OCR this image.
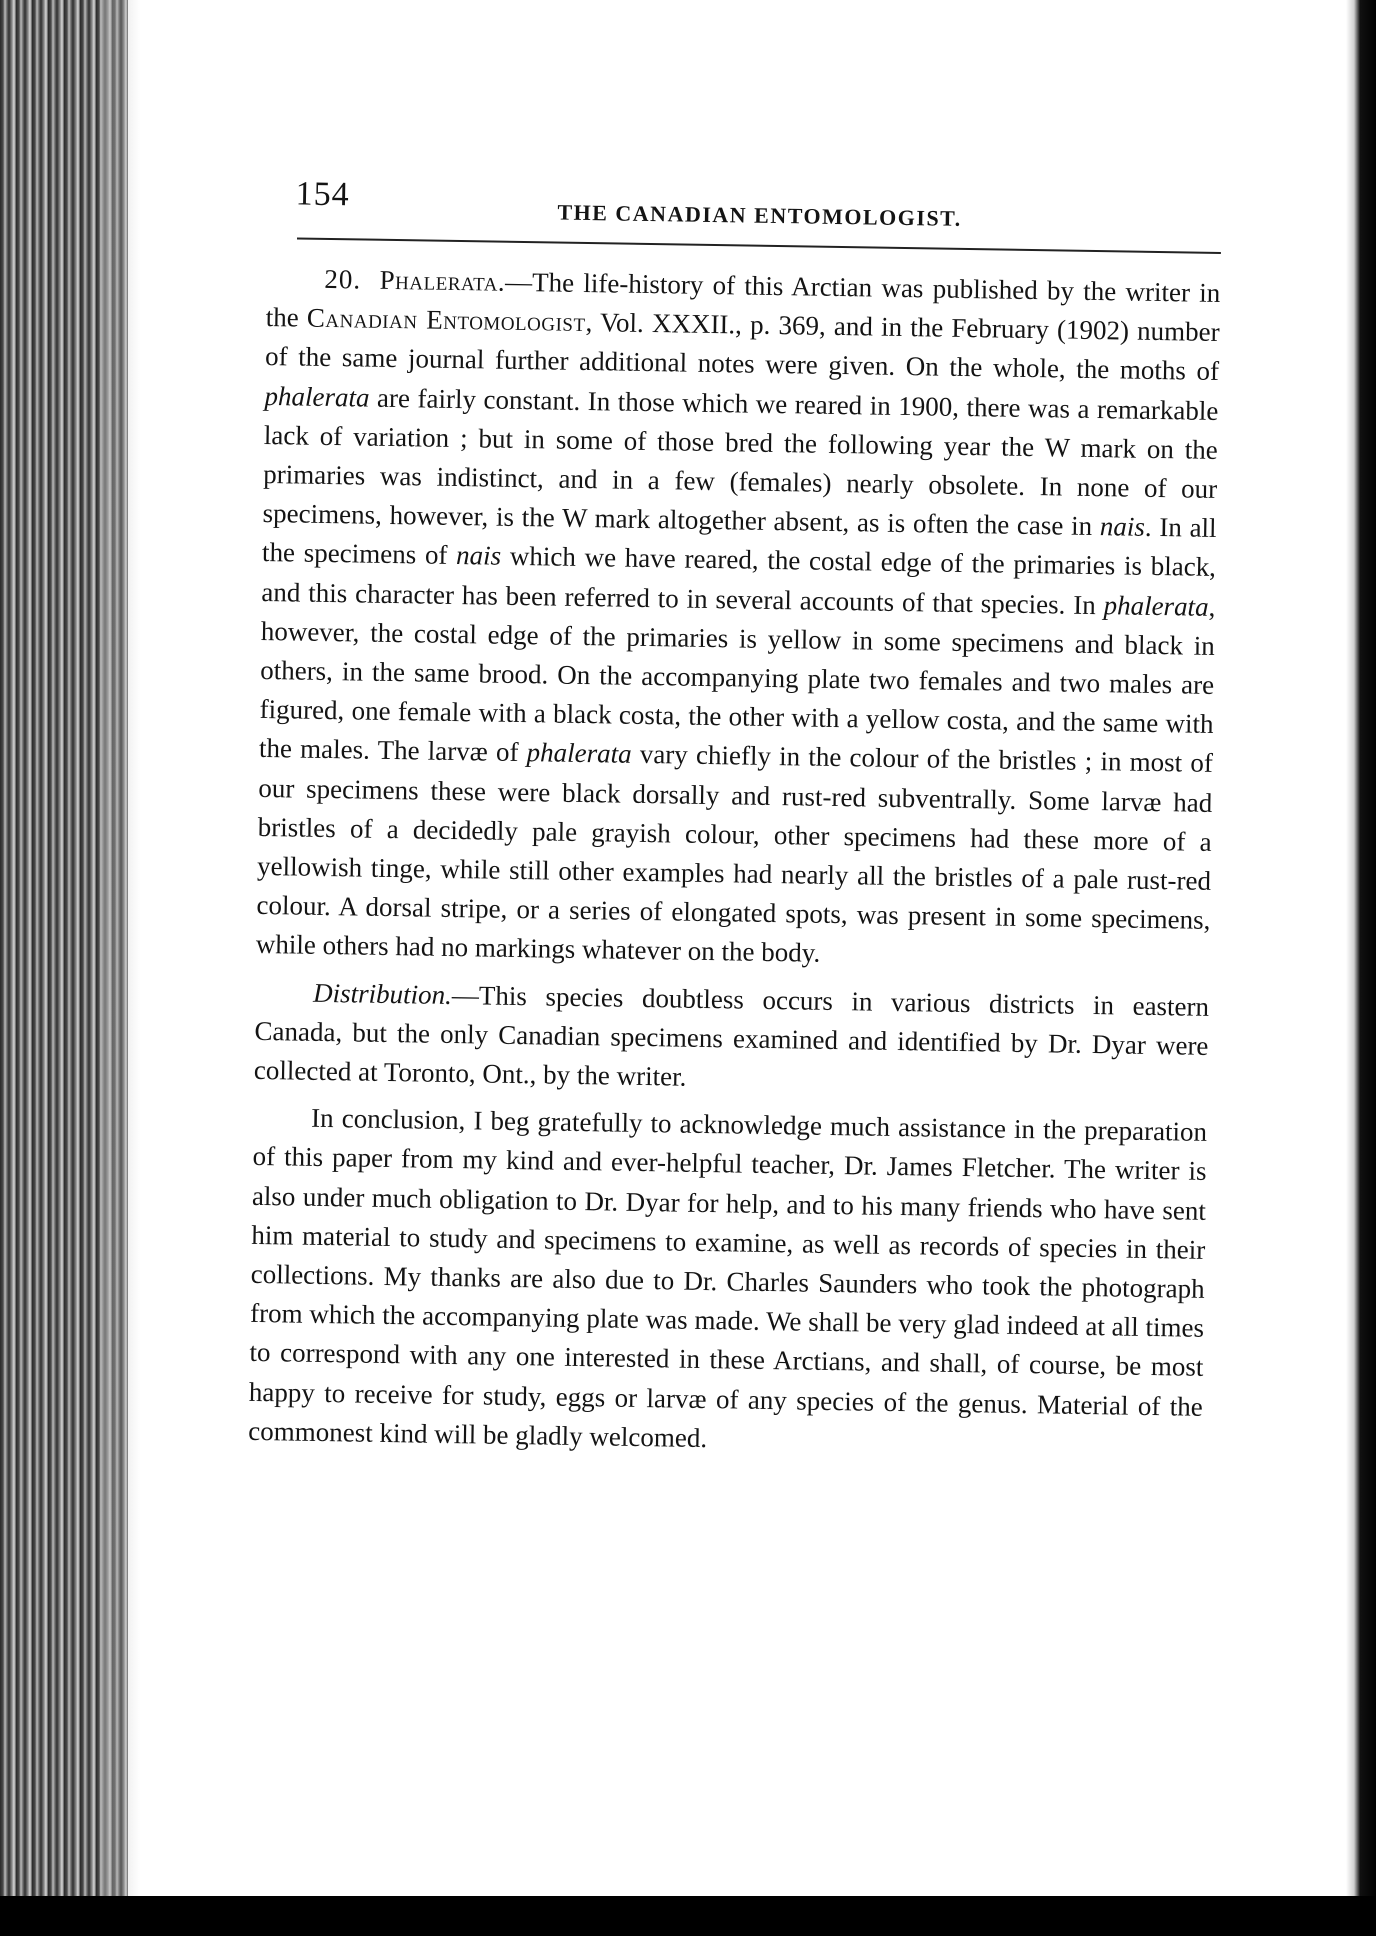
154
THE CANADIAN ENTOMOLOGIST.

20. Phalerata.—The life-history of this Arctian was published by the writer in the Canadian Entomologist, Vol. XXXII., p. 369, and in the February (1902) number of the same journal further additional notes were given. On the whole, the moths of phalerata are fairly constant. In those which we reared in 1900, there was a remarkable lack of variation ; but in some of those bred the following year the W mark on the primaries was indistinct, and in a few (females) nearly obsolete. In none of our specimens, however, is the W mark altogether absent, as is often the case in nais. In all the specimens of nais which we have reared, the costal edge of the primaries is black, and this character has been referred to in several accounts of that species. In phalerata, however, the costal edge of the primaries is yellow in some specimens and black in others, in the same brood. On the accompanying plate two females and two males are figured, one female with a black costa, the other with a yellow costa, and the same with the males. The larvæ of phalerata vary chiefly in the colour of the bristles ; in most of our specimens these were black dorsally and rust-red subventrally. Some larvæ had bristles of a decidedly pale grayish colour, other specimens had these more of a yellowish tinge, while still other examples had nearly all the bristles of a pale rust-red colour. A dorsal stripe, or a series of elongated spots, was present in some specimens, while others had no markings whatever on the body.

Distribution.—This species doubtless occurs in various districts in eastern Canada, but the only Canadian specimens examined and identified by Dr. Dyar were collected at Toronto, Ont., by the writer.

In conclusion, I beg gratefully to acknowledge much assistance in the preparation of this paper from my kind and ever-helpful teacher, Dr. James Fletcher. The writer is also under much obligation to Dr. Dyar for help, and to his many friends who have sent him material to study and specimens to examine, as well as records of species in their collections. My thanks are also due to Dr. Charles Saunders who took the photograph from which the accompanying plate was made. We shall be very glad indeed at all times to correspond with any one interested in these Arctians, and shall, of course, be most happy to receive for study, eggs or larvæ of any species of the genus. Material of the commonest kind will be gladly welcomed.
